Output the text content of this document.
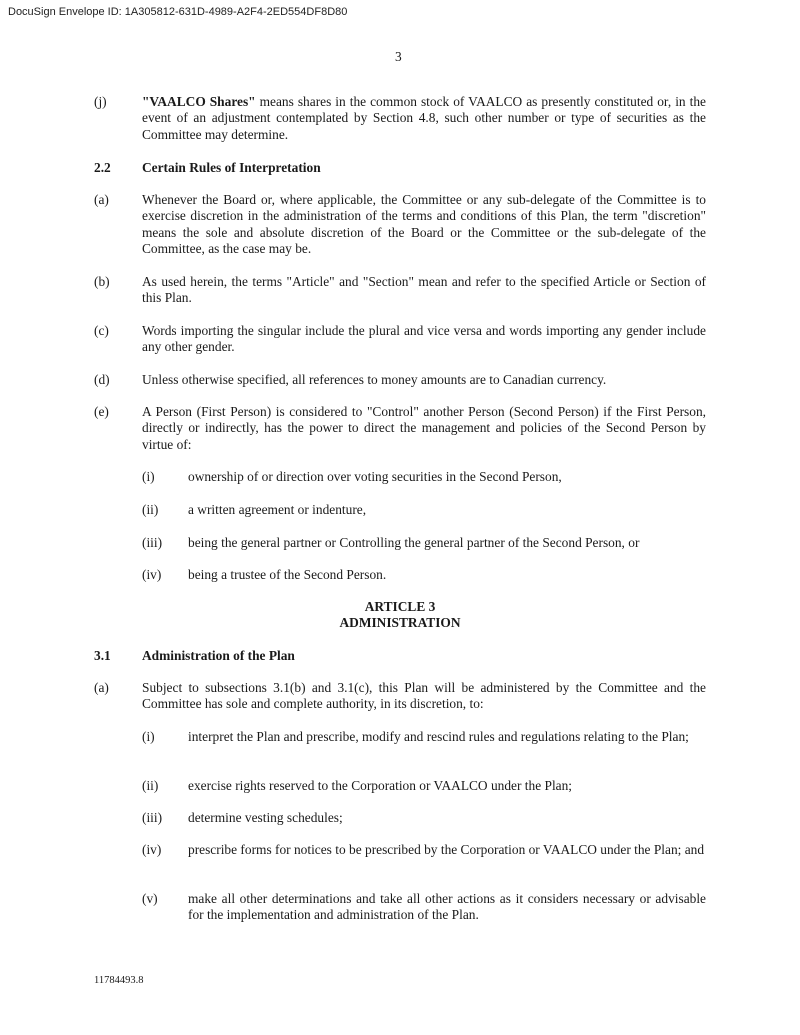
DocuSign Envelope ID: 1A305812-631D-4989-A2F4-2ED554DF8D80
3
(j)	"VAALCO Shares" means shares in the common stock of VAALCO as presently constituted or, in the event of an adjustment contemplated by Section 4.8, such other number or type of securities as the Committee may determine.
2.2 Certain Rules of Interpretation
(a) Whenever the Board or, where applicable, the Committee or any sub-delegate of the Committee is to exercise discretion in the administration of the terms and conditions of this Plan, the term "discretion" means the sole and absolute discretion of the Board or the Committee or the sub-delegate of the Committee, as the case may be.
(b) As used herein, the terms "Article" and "Section" mean and refer to the specified Article or Section of this Plan.
(c) Words importing the singular include the plural and vice versa and words importing any gender include any other gender.
(d) Unless otherwise specified, all references to money amounts are to Canadian currency.
(e) A Person (First Person) is considered to "Control" another Person (Second Person) if the First Person, directly or indirectly, has the power to direct the management and policies of the Second Person by virtue of:
(i) ownership of or direction over voting securities in the Second Person,
(ii) a written agreement or indenture,
(iii) being the general partner or Controlling the general partner of the Second Person, or
(iv) being a trustee of the Second Person.
ARTICLE 3
ADMINISTRATION
3.1 Administration of the Plan
(a) Subject to subsections 3.1(b) and 3.1(c), this Plan will be administered by the Committee and the Committee has sole and complete authority, in its discretion, to:
(i) interpret the Plan and prescribe, modify and rescind rules and regulations relating to the Plan;
(ii) exercise rights reserved to the Corporation or VAALCO under the Plan;
(iii) determine vesting schedules;
(iv) prescribe forms for notices to be prescribed by the Corporation or VAALCO under the Plan; and
(v) make all other determinations and take all other actions as it considers necessary or advisable for the implementation and administration of the Plan.
11784493.8
